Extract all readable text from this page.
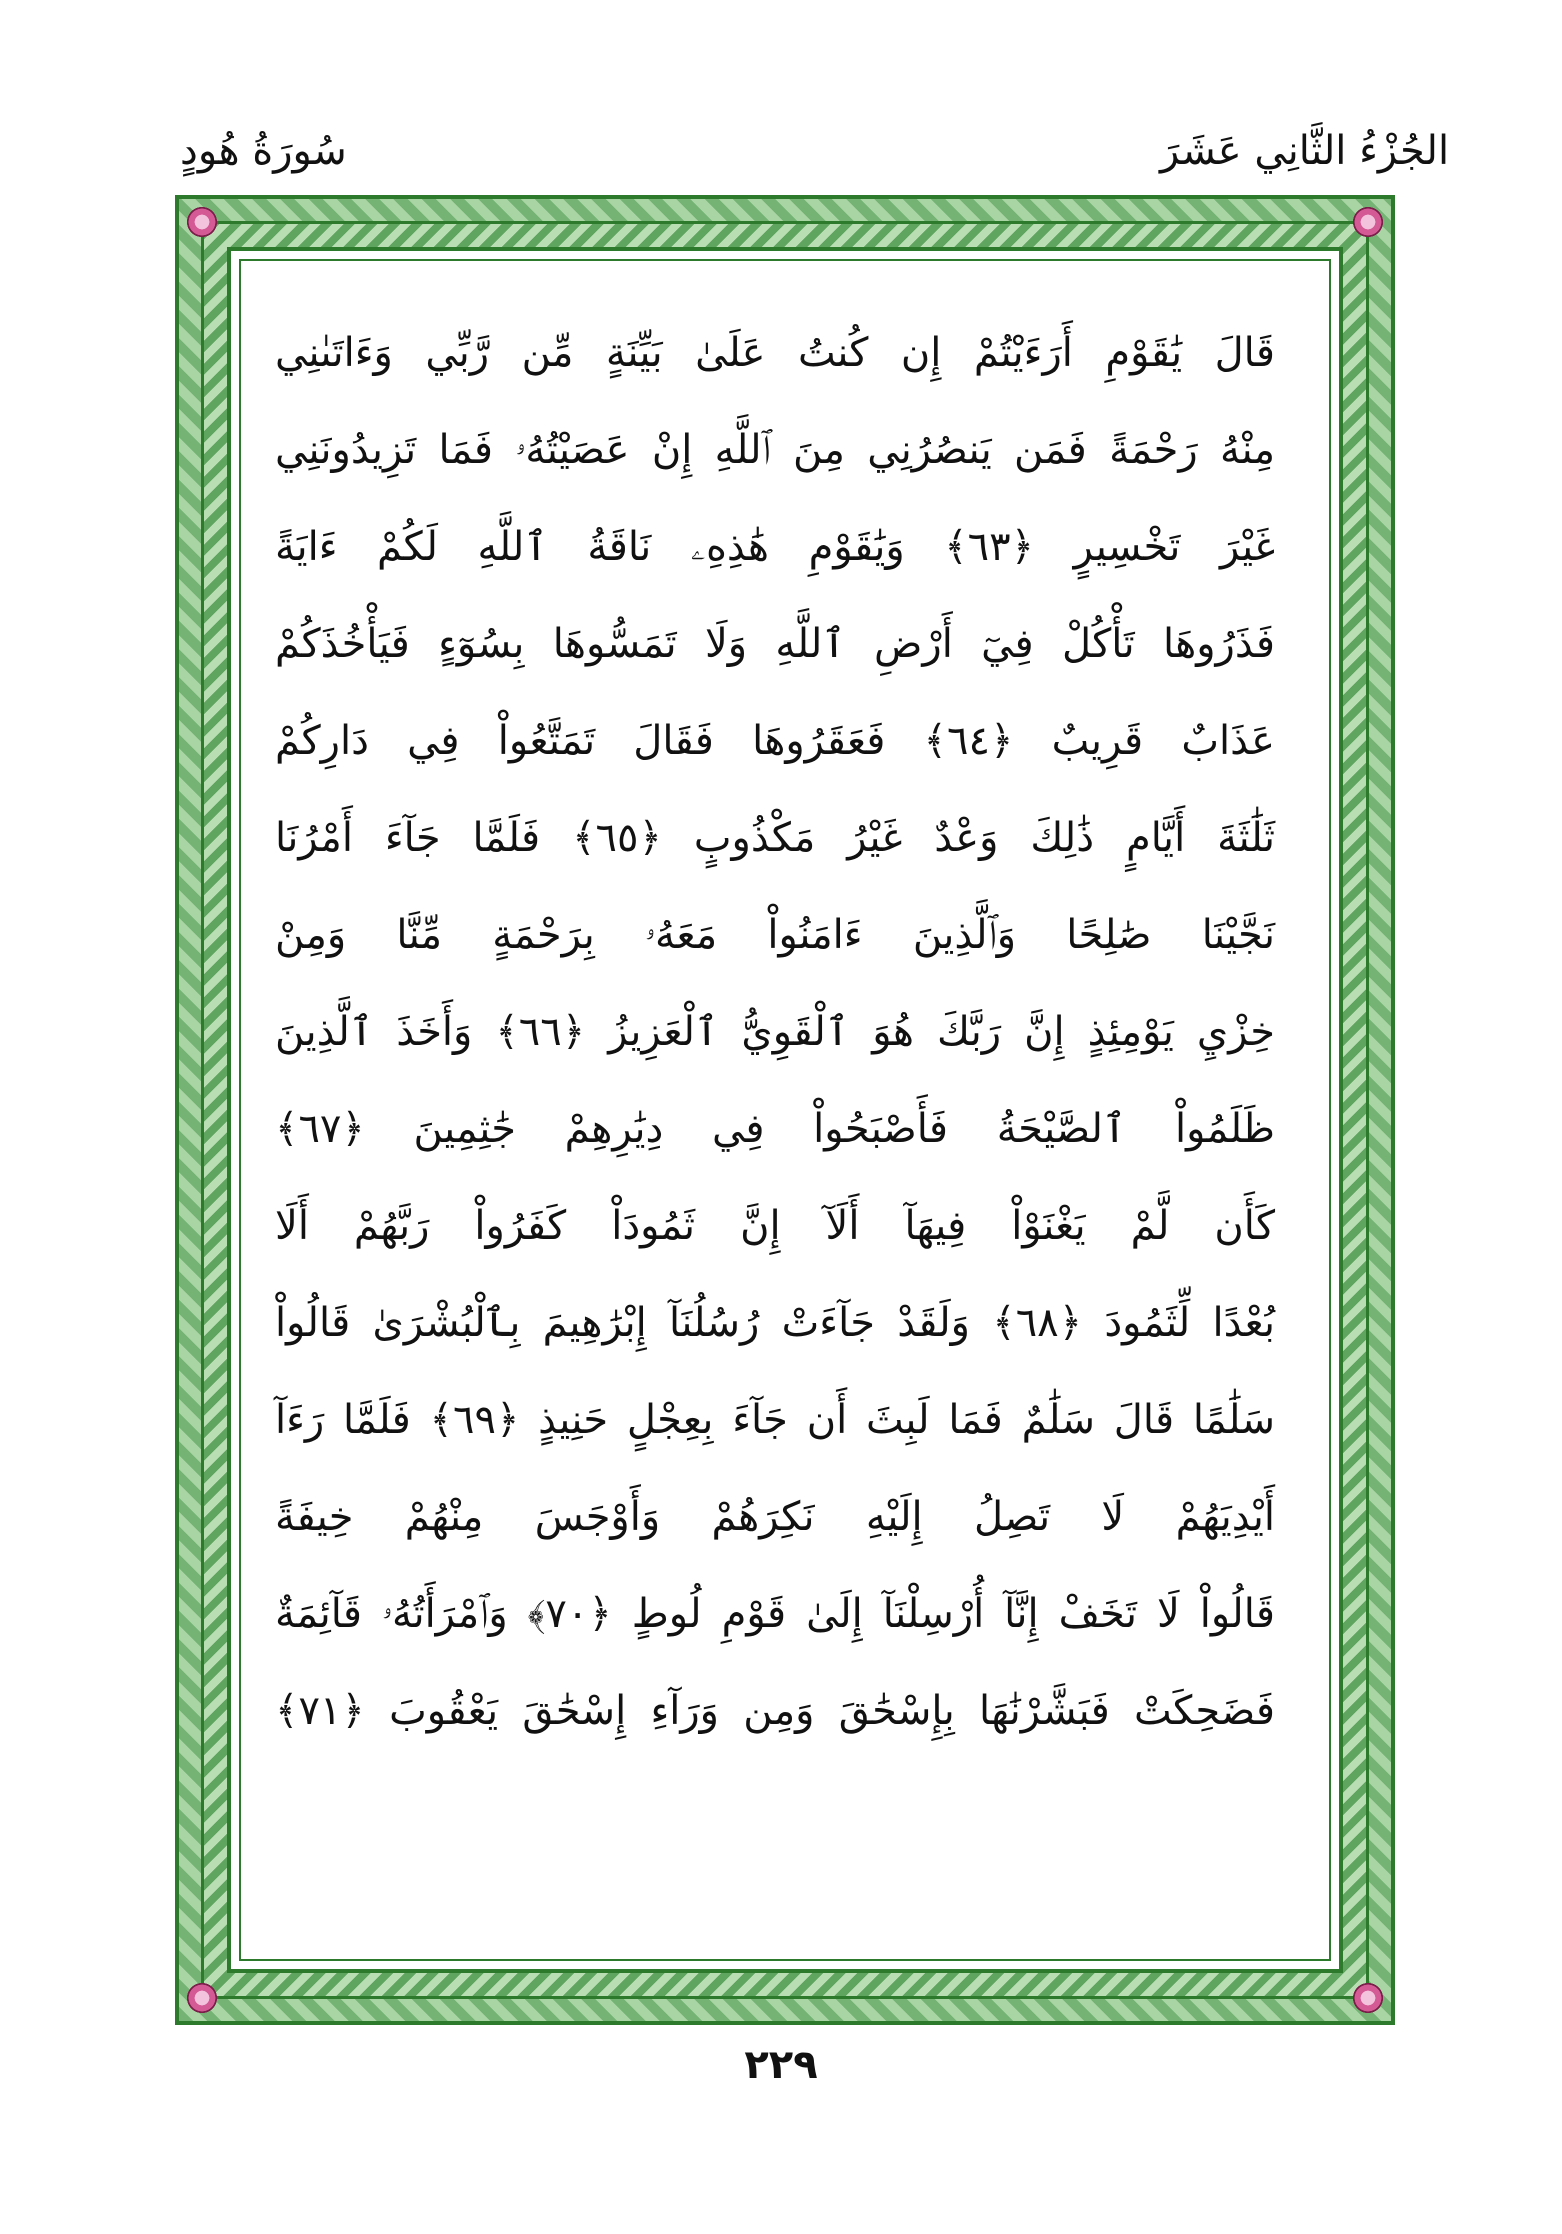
الجُزْءُ الثَّانِي عَشَرَ
سُورَةُ هُودٍ
قَالَ يَٰقَوْمِ أَرَءَيْتُمْ إِن كُنتُ عَلَىٰ بَيِّنَةٍ مِّن رَّبِّي وَءَاتَىٰنِي
مِنْهُ رَحْمَةً فَمَن يَنصُرُنِي مِنَ ٱللَّهِ إِنْ عَصَيْتُهُۥ فَمَا تَزِيدُونَنِي
غَيْرَ تَخْسِيرٍ ﴿٦٣﴾ وَيَٰقَوْمِ هَٰذِهِۦ نَاقَةُ ٱللَّهِ لَكُمْ ءَايَةً
فَذَرُوهَا تَأْكُلْ فِيٓ أَرْضِ ٱللَّهِ وَلَا تَمَسُّوهَا بِسُوٓءٍ فَيَأْخُذَكُمْ
عَذَابٌ قَرِيبٌ ﴿٦٤﴾ فَعَقَرُوهَا فَقَالَ تَمَتَّعُواْ فِي دَارِكُمْ
ثَلَٰثَةَ أَيَّامٍ ذَٰلِكَ وَعْدٌ غَيْرُ مَكْذُوبٍ ﴿٦٥﴾ فَلَمَّا جَآءَ أَمْرُنَا
نَجَّيْنَا صَٰلِحًا وَٱلَّذِينَ ءَامَنُواْ مَعَهُۥ بِرَحْمَةٍ مِّنَّا وَمِنْ
خِزْيِ يَوْمِئِذٍ إِنَّ رَبَّكَ هُوَ ٱلْقَوِيُّ ٱلْعَزِيزُ ﴿٦٦﴾ وَأَخَذَ ٱلَّذِينَ
ظَلَمُواْ ٱلصَّيْحَةُ فَأَصْبَحُواْ فِي دِيَٰرِهِمْ جَٰثِمِينَ ﴿٦٧﴾
كَأَن لَّمْ يَغْنَوْاْ فِيهَآ أَلَآ إِنَّ ثَمُودَاْ كَفَرُواْ رَبَّهُمْ أَلَا
بُعْدًا لِّثَمُودَ ﴿٦٨﴾ وَلَقَدْ جَآءَتْ رُسُلُنَآ إِبْرَٰهِيمَ بِٱلْبُشْرَىٰ قَالُواْ
سَلَٰمًا قَالَ سَلَٰمٌ فَمَا لَبِثَ أَن جَآءَ بِعِجْلٍ حَنِيذٍ ﴿٦٩﴾ فَلَمَّا رَءَآ
أَيْدِيَهُمْ لَا تَصِلُ إِلَيْهِ نَكِرَهُمْ وَأَوْجَسَ مِنْهُمْ خِيفَةً
قَالُواْ لَا تَخَفْ إِنَّآ أُرْسِلْنَآ إِلَىٰ قَوْمِ لُوطٍ ﴿٧٠﴾ وَٱمْرَأَتُهُۥ قَآئِمَةٌ
فَضَحِكَتْ فَبَشَّرْنَٰهَا بِإِسْحَٰقَ وَمِن وَرَآءِ إِسْحَٰقَ يَعْقُوبَ ﴿٧١﴾
٢٢٩
